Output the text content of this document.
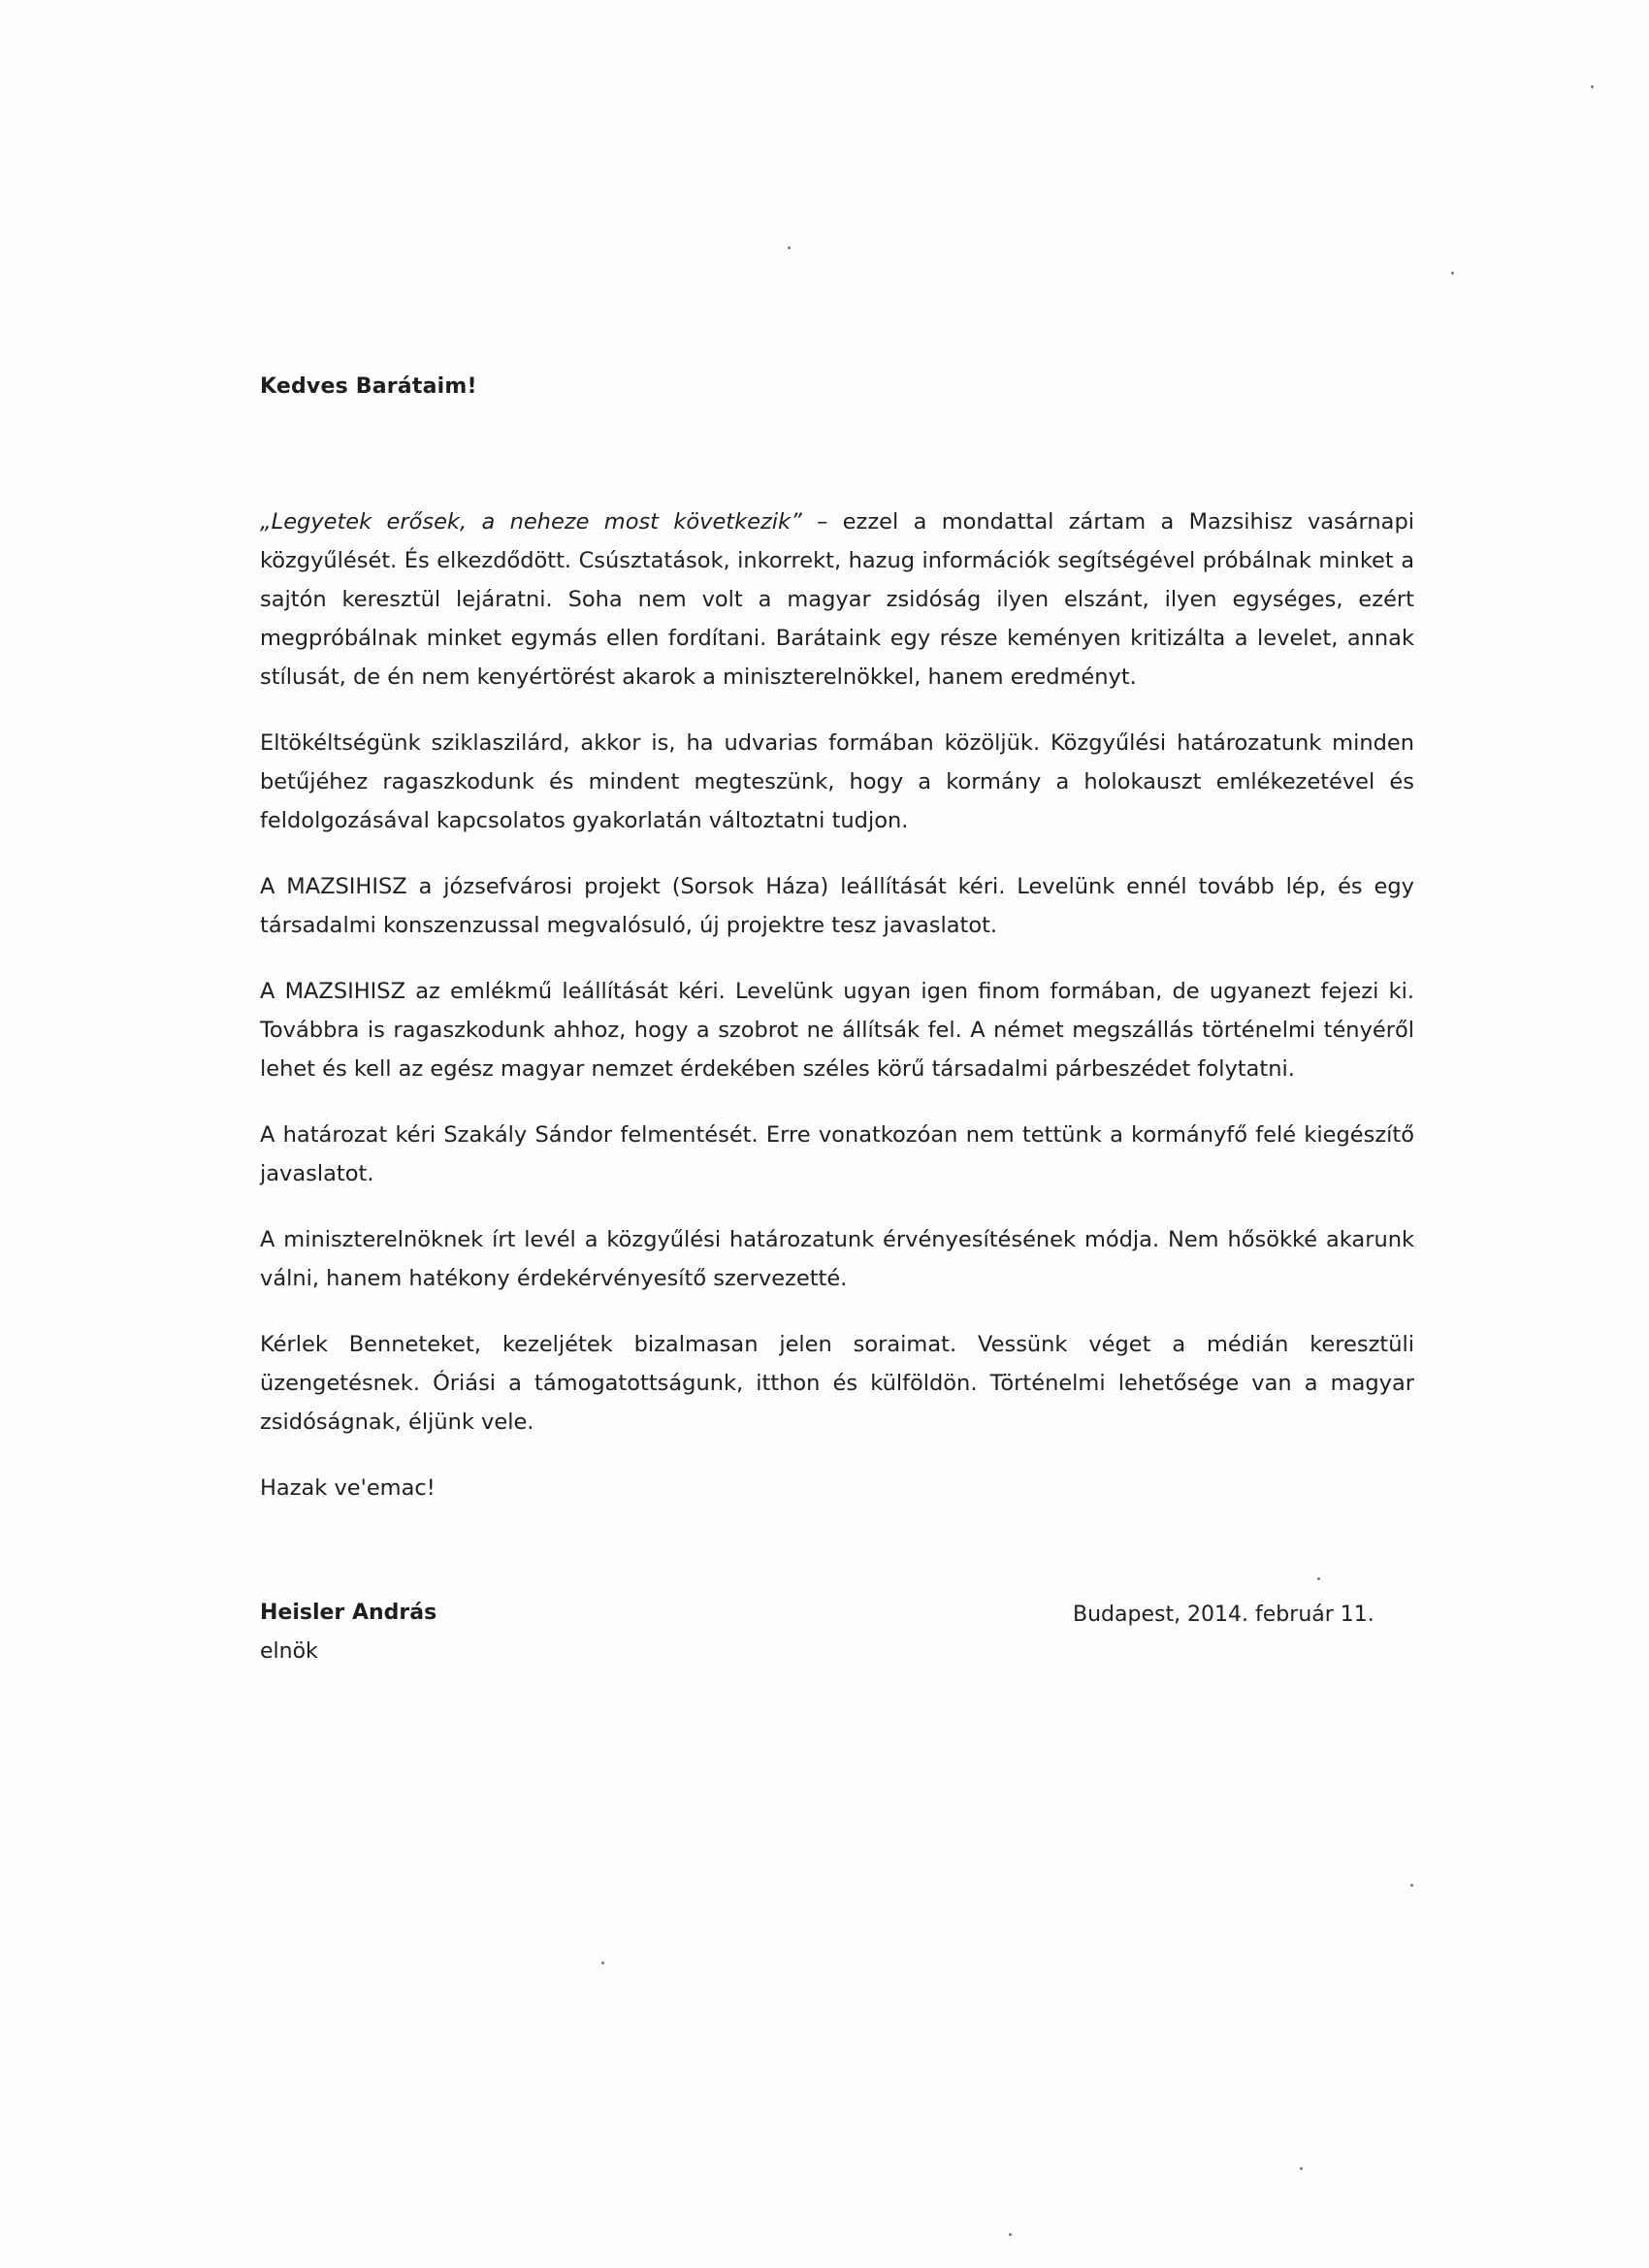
Kedves Barátaim!

„Legyetek erősek, a neheze most következik” – ezzel a mondattal zártam a Mazsihisz vasárnapi közgyűlését. És elkezdődött. Csúsztatások, inkorrekt, hazug információk segítségével próbálnak minket a sajtón keresztül lejáratni. Soha nem volt a magyar zsidóság ilyen elszánt, ilyen egységes, ezért megpróbálnak minket egymás ellen fordítani. Barátaink egy része keményen kritizálta a levelet, annak stílusát, de én nem kenyértörést akarok a miniszterelnökkel, hanem eredményt.

Eltökéltségünk sziklaszilárd, akkor is, ha udvarias formában közöljük. Közgyűlési határozatunk minden betűjéhez ragaszkodunk és mindent megteszünk, hogy a kormány a holokauszt emlékezetével és feldolgozásával kapcsolatos gyakorlatán változtatni tudjon.

A MAZSIHISZ a józsefvárosi projekt (Sorsok Háza) leállítását kéri. Levelünk ennél tovább lép, és egy társadalmi konszenzussal megvalósuló, új projektre tesz javaslatot.

A MAZSIHISZ az emlékmű leállítását kéri. Levelünk ugyan igen finom formában, de ugyanezt fejezi ki. Továbbra is ragaszkodunk ahhoz, hogy a szobrot ne állítsák fel. A német megszállás történelmi tényéről lehet és kell az egész magyar nemzet érdekében széles körű társadalmi párbeszédet folytatni.

A határozat kéri Szakály Sándor felmentését. Erre vonatkozóan nem tettünk a kormányfő felé kiegészítő javaslatot.

A miniszterelnöknek írt levél a közgyűlési határozatunk érvényesítésének módja. Nem hősökké akarunk válni, hanem hatékony érdekérvényesítő szervezetté.

Kérlek Benneteket, kezeljétek bizalmasan jelen soraimat. Vessünk véget a médián keresztüli üzengetésnek. Óriási a támogatottságunk, itthon és külföldön. Történelmi lehetősége van a magyar zsidóságnak, éljünk vele.

Hazak ve'emac!

Heisler András
elnök
Budapest, 2014. február 11.
